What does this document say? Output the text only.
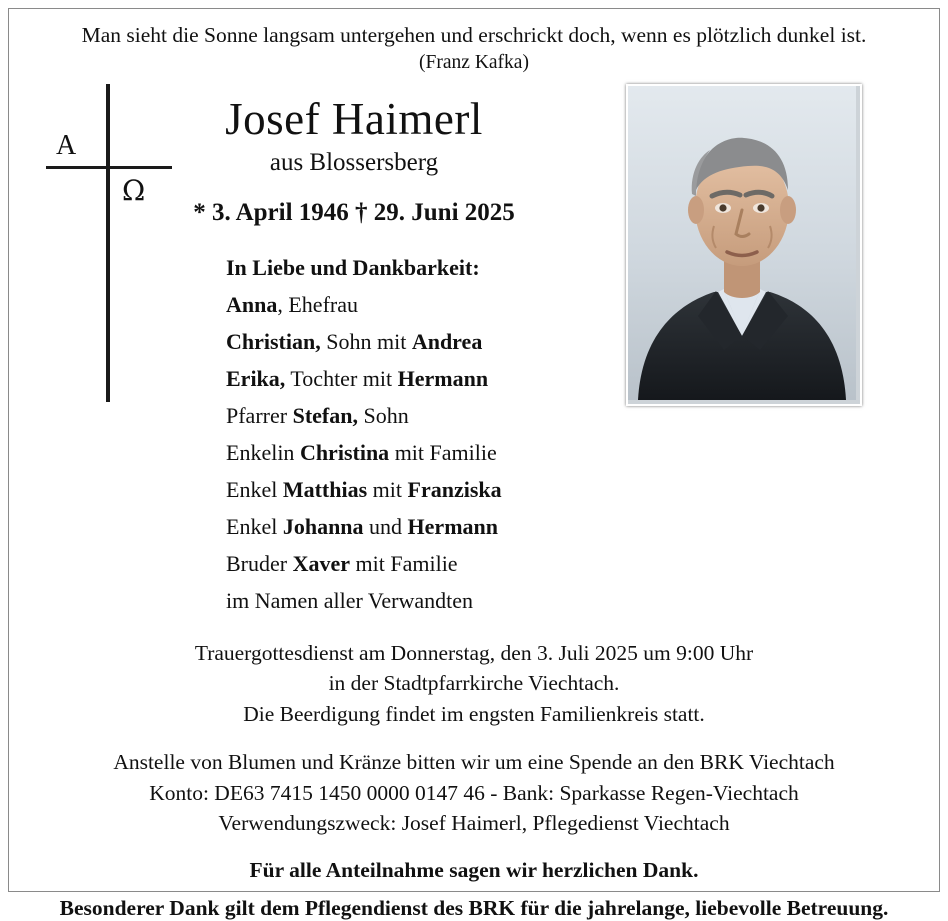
Man sieht die Sonne langsam untergehen und erschrickt doch, wenn es plötzlich dunkel ist.
(Franz Kafka)
A
Ω
Josef Haimerl
aus Blossersberg
* 3. April 1946 † 29. Juni 2025
In Liebe und Dankbarkeit:
Anna, Ehefrau
Christian, Sohn mit Andrea
Erika, Tochter mit Hermann
Pfarrer Stefan, Sohn
Enkelin Christina mit Familie
Enkel Matthias mit Franziska
Enkel Johanna und Hermann
Bruder Xaver mit Familie
im Namen aller Verwandten
Trauergottesdienst am Donnerstag, den 3. Juli 2025 um 9:00 Uhr
in der Stadtpfarrkirche Viechtach.
Die Beerdigung findet im engsten Familienkreis statt.
Anstelle von Blumen und Kränze bitten wir um eine Spende an den BRK Viechtach
Konto: DE63 7415 1450 0000 0147 46 - Bank: Sparkasse Regen-Viechtach
Verwendungszweck: Josef Haimerl, Pflegedienst Viechtach
Für alle Anteilnahme sagen wir herzlichen Dank.
Besonderer Dank gilt dem Pflegendienst des BRK für die jahrelange, liebevolle Betreuung.
